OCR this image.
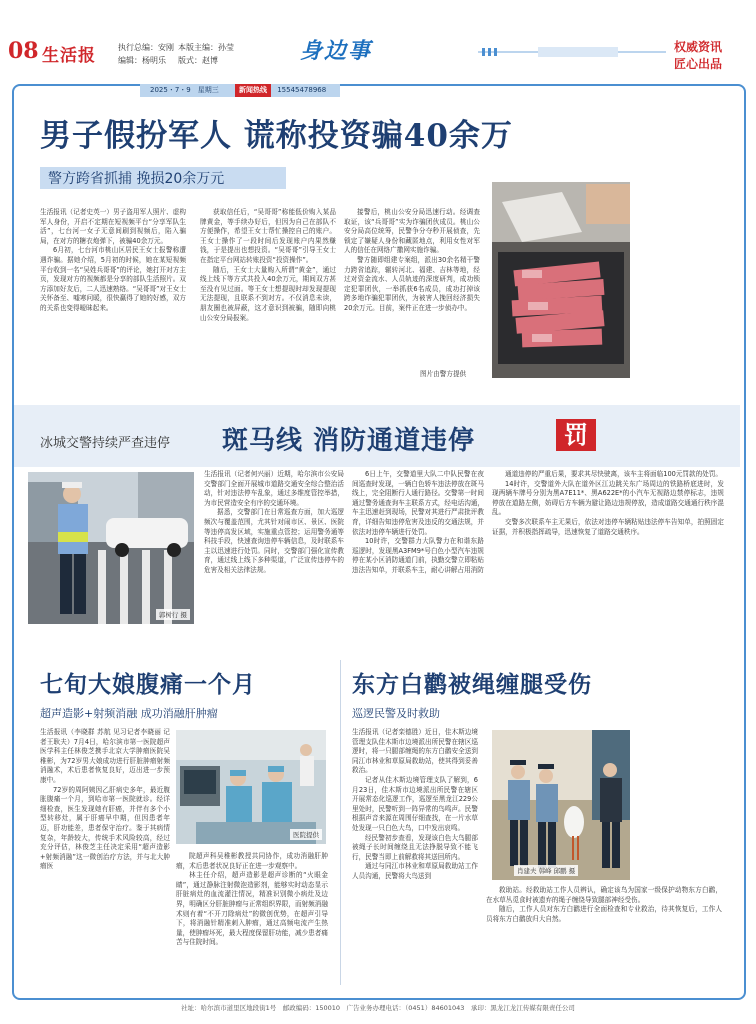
08 生活报	执行总编：安刚 本版主编：孙莹
编辑：杨明乐 版式：赵博	身边事	权威资讯
匠心出品
2025・7・9　星期三	新闻热线 15545478968
男子假扮军人 谎称投资骗40余万
警方跨省抓捕 挽损20余万元

生活报讯（记者史英一）男子盗用军人照片、虚构军人身份，开启不定期在短视频平台“分享军队生活”，七台河一女子无意间刷到视频后，陷入骗局，在对方的糖衣炮弹下，被骗40余万元。

6月初，七台河市桃山区居民王女士报警称遭遇诈骗。据她介绍，5月初的时候，她在某短视频平台收到一名“吴姓兵哥哥”的评论，她打开对方主页，发现对方的视频都是分享的部队生活照片。双方添加好友后，二人迅速熟络。“吴哥哥”对王女士关怀备至、嘘寒问暖，很快赢得了她的好感，双方的关系也变得暧昧起来。

获取信任后，“吴哥哥”称能低价购入某品牌黄金，等手续办好后，但因为自己在部队不方便操作，希望王女士帮忙操控自己的账户。王女士操作了一段时间后发现账户内果然赚钱，于是提出也想投资。“吴哥哥”引导王女士在指定平台网站转账投资“投资操作”。

随后，王女士大量购入所谓“黄金”，通过线上线下等方式共投入40余万元，期间双方甚至没有见过面。等王女士想提现时却发现提现无法提现，且联系不到对方。不仅消息未读，朋友圈也被屏蔽，这才意识到被骗，随即向桃山公安分局报案。

接警后，桃山公安分局迅速行动。经调查取证，该“兵哥哥”实为诈骗团伙成员。桃山公安分局高位统筹，民警争分夺秒开展侦查，先锁定了嫌疑人身份和藏匿地点，利用女性对军人的信任在网络广撒网实施诈骗。

警方随即组建专案组，派出30余名精干警力跨省追踪，辗转河北、福建、吉林等地，经过对资金流水、人员轨迹的深度研判，成功锁定犯罪团伙，一举抓获6名成员，成功打掉该跨多地诈骗犯罪团伙，为被害人挽回经济损失20余万元。目前，案件正在进一步侦办中。

图片由警方提供
冰城交警持续严查违停 斑马线 消防通道违停	罚
郭树行 摄

生活报讯（记者何兴丽）近期，哈尔滨市公安局交警部门全面开展城市道路交通安全综合整治活动，针对违法停车乱象，通过多维度管控举措，为市民营造安全有序的交通环境。

据悉，交警部门在日常巡查方面，加大巡逻频次与覆盖范围，尤其针对闹市区、景区、医院等违停高发区域，实施重点管控；运用警务通等科技手段，快速查询违停车辆信息，及时联系车主以迅速进行处罚。同时，交警部门强化宣传教育，通过线上线下多种渠道，广泛宣传违停车的危害及相关法律法规。

6日上午，交警道里大队二中队民警在夜间巡查时发现，一辆白色轿车违法停放在斑马线上，完全阻断行人通行路径。交警第一时间通过警务通查询车主联系方式，经电话沟通，车主迅速赶到现场，民警对其进行严肃批评教育，详细告知违停危害及违反的交通法规，并依法对违停车辆进行处罚。

10时许，交警群力大队警力在和谐东路巡逻时，发现黑A3FM9*号白色小型汽车违规停在某小区消防通道门前，执勤交警立即粘贴违法告知单，并联系车主，耐心讲解占用消防

通道违停的严重后果，要求其尽快驶离，该车主将面临100元罚款的处罚。

14时许，交警道外大队在道外区江边跳关东广场周边的铁路桥底进时，发现两辆车牌号分别为黑A7E11*、黑A622E*的小汽车无视路边禁停标志，违规停放在道路左侧，妨碍后方车辆为避让路边违规停放，造成道路交通通行秩序混乱。

交警多次联系车主无果后，依法对违停车辆粘贴违法停车告知单，拍照固定证据，并积极指挥疏导，迅速恢复了道路交通秩序。

七旬大娘腹痛一个月
超声造影+射频消融 成功消融肝肿瘤

生活报讯（李晓群 苏航 见习记者李晓丽 记者王耿夫）7月4日，哈尔滨市第一医院超声医学科主任林俊芝携手北京大学肿瘤医院吴稚彬，为72岁男大娘成功进行肝脏肿瘤射频消融术，术后患者恢复良好，迈出进一步预康中。

72岁的周阿姨因乙肝病史多年，最近腹胀腹痛一个月，到哈市第一医院就诊。经详细检查，医生发现她有肝癌，并伴有多个小型转移灶，属于肝癌早中期，但因患者年迈，肝功能差，患者保守治疗。鉴于其病情复杂，年龄较大，传统手术风险较高，经过充分评估，林俊芝主任决定采用“超声造影+射频消融”这一微创治疗方法，并与北大肿瘤医

医院提供

院超声科吴稚彬教授共同协作，成功消融肝肿瘤，术后患者状况良好正在进一步观察中。

林主任介绍，超声造影是超声诊断的“火眼金睛”，通过静脉注射微泡造影剂，能够实时动态显示肝脏病灶的血流灌注情况，精准识别微小病灶及边界，明确区分肝脏肿瘤与正常组织界限，而射频消融术则有着“不开刀除病灶”的微创优势，在超声引导下，将消融针精准刺入肿瘤，通过高频电流产生热量，使肿瘤坏死，最大程度保留肝功能，减少患者痛苦与住院时间。

东方白鹳被绳缠腿受伤
巡逻民警及时救助

生活报讯（记者栾德胜）近日，佳木斯边境管理支队佳木斯市边境派出所民警在辖区巡逻时，将一只腿部缠绳的东方白鹳安全送到同江市林业和草原局救助站，使其得到妥善救治。

记者从佳木斯边境管理支队了解到，6月23日，佳木斯市边境派出所民警在辖区开展常态化巡逻工作，巡逻至黑龙江229公里处时，民警听到一阵异常的鸟鸣声。民警根据声音来源在周围仔细查找，在一片水草处发现一只白色大鸟，口中发出哀鸣。

经民警初步查看，发现该白色大鸟腿部被绳子长时间缠绕且无法挣脱导致不能飞行，民警当即上前解救将其送回所内。

通过与同江市林业和草原局救助站工作人员沟通，民警将大鸟送到

肖建夫 韩峰 邱鹏 摄

救助站。经救助站工作人员辨认，确定该鸟为国家一级保护动物东方白鹳，在水草丛觅食时被遗弃的绳子缠绕导致腿部神经受伤。

随后，工作人员对东方白鹳进行全面检查和专业救治，待其恢复后，工作人员将东方白鹳放归大自然。

社址：哈尔滨市道里区地段街1号　邮政编码：150010　广告业务办理电话：（0451）84601043　承印：黑龙江龙江传媒有限责任公司
